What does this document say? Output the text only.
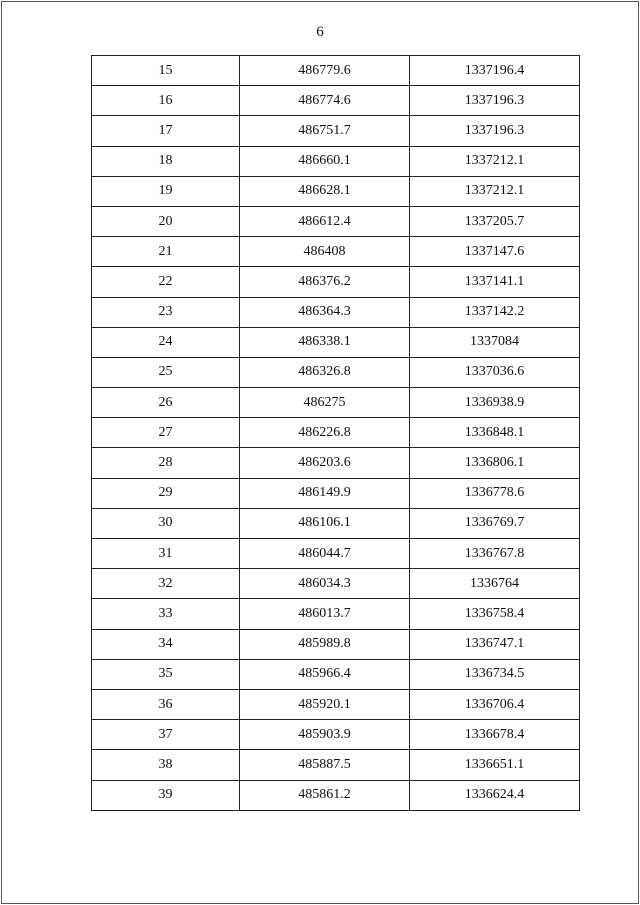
6
15	486779.6	1337196.4
16	486774.6	1337196.3
17	486751.7	1337196.3
18	486660.1	1337212.1
19	486628.1	1337212.1
20	486612.4	1337205.7
21	486408	1337147.6
22	486376.2	1337141.1
23	486364.3	1337142.2
24	486338.1	1337084
25	486326.8	1337036.6
26	486275	1336938.9
27	486226.8	1336848.1
28	486203.6	1336806.1
29	486149.9	1336778.6
30	486106.1	1336769.7
31	486044.7	1336767.8
32	486034.3	1336764
33	486013.7	1336758.4
34	485989.8	1336747.1
35	485966.4	1336734.5
36	485920.1	1336706.4
37	485903.9	1336678.4
38	485887.5	1336651.1
39	485861.2	1336624.4
